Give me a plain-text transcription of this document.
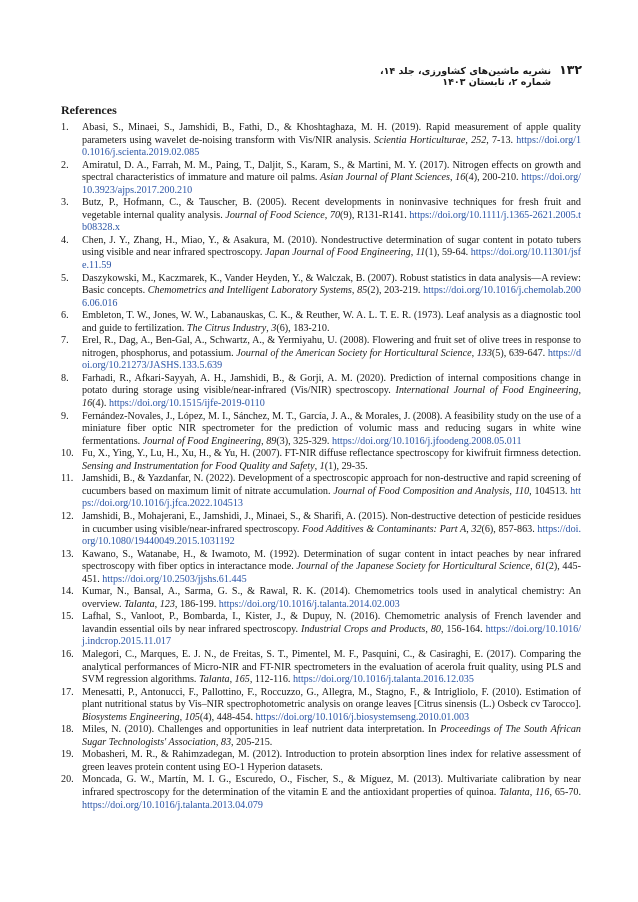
۱۳۲
نشریه ماشین‌های کشاورزی، جلد ۱۴، شماره ۲، تابستان ۱۴۰۳
References
1. Abasi, S., Minaei, S., Jamshidi, B., Fathi, D., & Khoshtaghaza, M. H. (2019). Rapid measurement of apple quality parameters using wavelet de-noising transform with Vis/NIR analysis. Scientia Horticulturae, 252, 7-13. https://doi.org/10.1016/j.scienta.2019.02.085
2. Amiratul, D. A., Farrah, M. M., Paing, T., Daljit, S., Karam, S., & Martini, M. Y. (2017). Nitrogen effects on growth and spectral characteristics of immature and mature oil palms. Asian Journal of Plant Sciences, 16(4), 200-210. https://doi.org/10.3923/ajps.2017.200.210
3. Butz, P., Hofmann, C., & Tauscher, B. (2005). Recent developments in noninvasive techniques for fresh fruit and vegetable internal quality analysis. Journal of Food Science, 70(9), R131-R141. https://doi.org/10.1111/j.1365-2621.2005.tb08328.x
4. Chen, J. Y., Zhang, H., Miao, Y., & Asakura, M. (2010). Nondestructive determination of sugar content in potato tubers using visible and near infrared spectroscopy. Japan Journal of Food Engineering, 11(1), 59-64. https://doi.org/10.11301/jsfe.11.59
5. Daszykowski, M., Kaczmarek, K., Vander Heyden, Y., & Walczak, B. (2007). Robust statistics in data analysis—A review: Basic concepts. Chemometrics and Intelligent Laboratory Systems, 85(2), 203-219. https://doi.org/10.1016/j.chemolab.2006.06.016
6. Embleton, T. W., Jones, W. W., Labanauskas, C. K., & Reuther, W. A. L. T. E. R. (1973). Leaf analysis as a diagnostic tool and guide to fertilization. The Citrus Industry, 3(6), 183-210.
7. Erel, R., Dag, A., Ben-Gal, A., Schwartz, A., & Yermiyahu, U. (2008). Flowering and fruit set of olive trees in response to nitrogen, phosphorus, and potassium. Journal of the American Society for Horticultural Science, 133(5), 639-647. https://doi.org/10.21273/JASHS.133.5.639
8. Farhadi, R., Afkari-Sayyah, A. H., Jamshidi, B., & Gorji, A. M. (2020). Prediction of internal compositions change in potato during storage using visible/near-infrared (Vis/NIR) spectroscopy. International Journal of Food Engineering, 16(4). https://doi.org/10.1515/ijfe-2019-0110
9. Fernández-Novales, J., López, M. I., Sánchez, M. T., García, J. A., & Morales, J. (2008). A feasibility study on the use of a miniature fiber optic NIR spectrometer for the prediction of volumic mass and reducing sugars in white wine fermentations. Journal of Food Engineering, 89(3), 325-329. https://doi.org/10.1016/j.jfoodeng.2008.05.011
10. Fu, X., Ying, Y., Lu, H., Xu, H., & Yu, H. (2007). FT-NIR diffuse reflectance spectroscopy for kiwifruit firmness detection. Sensing and Instrumentation for Food Quality and Safety, 1(1), 29-35.
11. Jamshidi, B., & Yazdanfar, N. (2022). Development of a spectroscopic approach for non-destructive and rapid screening of cucumbers based on maximum limit of nitrate accumulation. Journal of Food Composition and Analysis, 110, 104513. https://doi.org/10.1016/j.jfca.2022.104513
12. Jamshidi, B., Mohajerani, E., Jamshidi, J., Minaei, S., & Sharifi, A. (2015). Non-destructive detection of pesticide residues in cucumber using visible/near-infrared spectroscopy. Food Additives & Contaminants: Part A, 32(6), 857-863. https://doi.org/10.1080/19440049.2015.1031192
13. Kawano, S., Watanabe, H., & Iwamoto, M. (1992). Determination of sugar content in intact peaches by near infrared spectroscopy with fiber optics in interactance mode. Journal of the Japanese Society for Horticultural Science, 61(2), 445-451. https://doi.org/10.2503/jjshs.61.445
14. Kumar, N., Bansal, A., Sarma, G. S., & Rawal, R. K. (2014). Chemometrics tools used in analytical chemistry: An overview. Talanta, 123, 186-199. https://doi.org/10.1016/j.talanta.2014.02.003
15. Lafhal, S., Vanloot, P., Bombarda, I., Kister, J., & Dupuy, N. (2016). Chemometric analysis of French lavender and lavandin essential oils by near infrared spectroscopy. Industrial Crops and Products, 80, 156-164. https://doi.org/10.1016/j.indcrop.2015.11.017
16. Malegori, C., Marques, E. J. N., de Freitas, S. T., Pimentel, M. F., Pasquini, C., & Casiraghi, E. (2017). Comparing the analytical performances of Micro-NIR and FT-NIR spectrometers in the evaluation of acerola fruit quality, using PLS and SVM regression algorithms. Talanta, 165, 112-116. https://doi.org/10.1016/j.talanta.2016.12.035
17. Menesatti, P., Antonucci, F., Pallottino, F., Roccuzzo, G., Allegra, M., Stagno, F., & Intrigliolo, F. (2010). Estimation of plant nutritional status by Vis–NIR spectrophotometric analysis on orange leaves [Citrus sinensis (L.) Osbeck cv Tarocco]. Biosystems Engineering, 105(4), 448-454. https://doi.org/10.1016/j.biosystemseng.2010.01.003
18. Miles, N. (2010). Challenges and opportunities in leaf nutrient data interpretation. In Proceedings of The South African Sugar Technologists' Association, 83, 205-215.
19. Mobasheri, M. R., & Rahimzadegan, M. (2012). Introduction to protein absorption lines index for relative assessment of green leaves protein content using EO-1 Hyperion datasets.
20. Moncada, G. W., Martín, M. I. G., Escuredo, O., Fischer, S., & Míguez, M. (2013). Multivariate calibration by near infrared spectroscopy for the determination of the vitamin E and the antioxidant properties of quinoa. Talanta, 116, 65-70. https://doi.org/10.1016/j.talanta.2013.04.079
